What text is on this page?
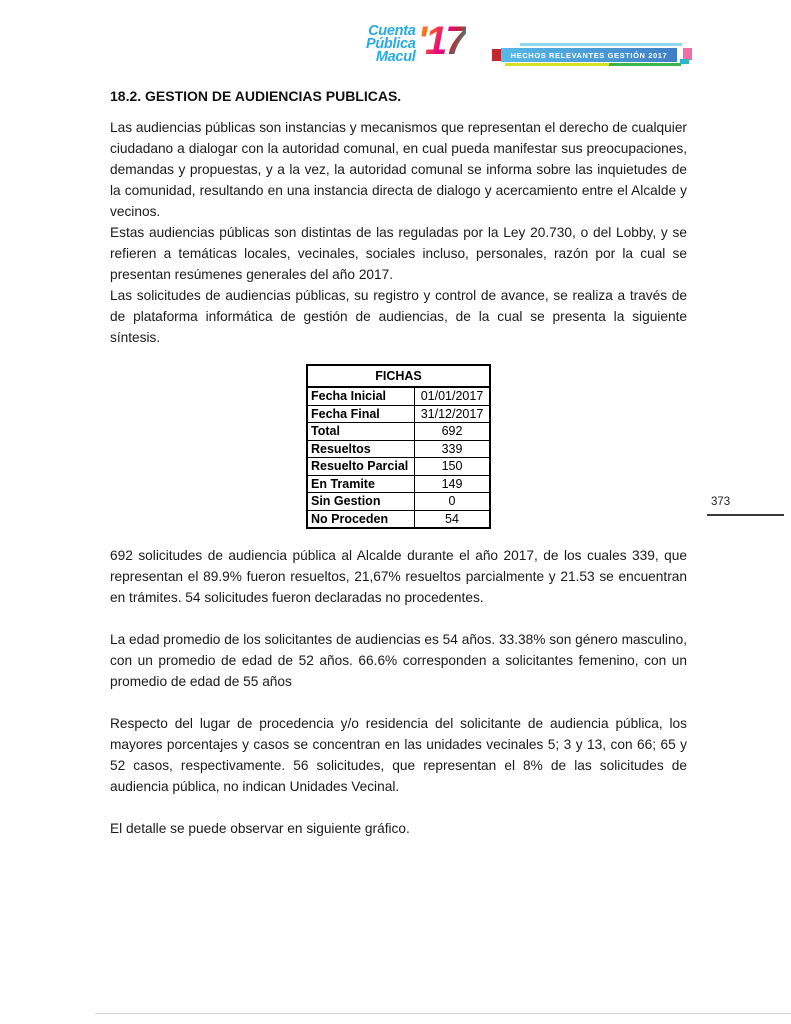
Cuenta
Pública
Macul '17	HECHOS RELEVANTES GESTIÓN 2017
373
18.2. GESTION DE AUDIENCIAS PUBLICAS.

Las audiencias públicas son instancias y mecanismos que representan el derecho de cualquier ciudadano a dialogar con la autoridad comunal, en cual pueda manifestar sus preocupaciones, demandas y propuestas, y a la vez, la autoridad comunal se informa sobre las inquietudes de la comunidad, resultando en una instancia directa de dialogo y acercamiento entre el Alcalde y vecinos.

Estas audiencias públicas son distintas de las reguladas por la Ley 20.730, o del Lobby, y se refieren a temáticas locales, vecinales, sociales incluso, personales, razón por la cual se presentan resúmenes generales del año 2017.

Las solicitudes de audiencias públicas, su registro y control de avance, se realiza a través de de plataforma informática de gestión de audiencias, de la cual se presenta la siguiente síntesis.

FICHAS	
Fecha Inicial	01/01/2017
Fecha Final	31/12/2017
Total	692
Resueltos	339
Resuelto Parcial	150
En Tramite	149
Sin Gestion	0
No Proceden	54

692 solicitudes de audiencia pública al Alcalde durante el año 2017, de los cuales 339, que representan el 89.9% fueron resueltos, 21,67% resueltos parcialmente y 21.53 se encuentran en trámites. 54 solicitudes fueron declaradas no procedentes.

La edad promedio de los solicitantes de audiencias es 54 años. 33.38% son género masculino, con un promedio de edad de 52 años. 66.6% corresponden a solicitantes femenino, con un promedio de edad de 55 años

Respecto del lugar de procedencia y/o residencia del solicitante de audiencia pública, los mayores porcentajes y casos se concentran en las unidades vecinales 5; 3 y 13, con 66; 65 y 52 casos, respectivamente. 56 solicitudes, que representan el 8% de las solicitudes de audiencia pública, no indican Unidades Vecinal.

El detalle se puede observar en siguiente gráfico.
